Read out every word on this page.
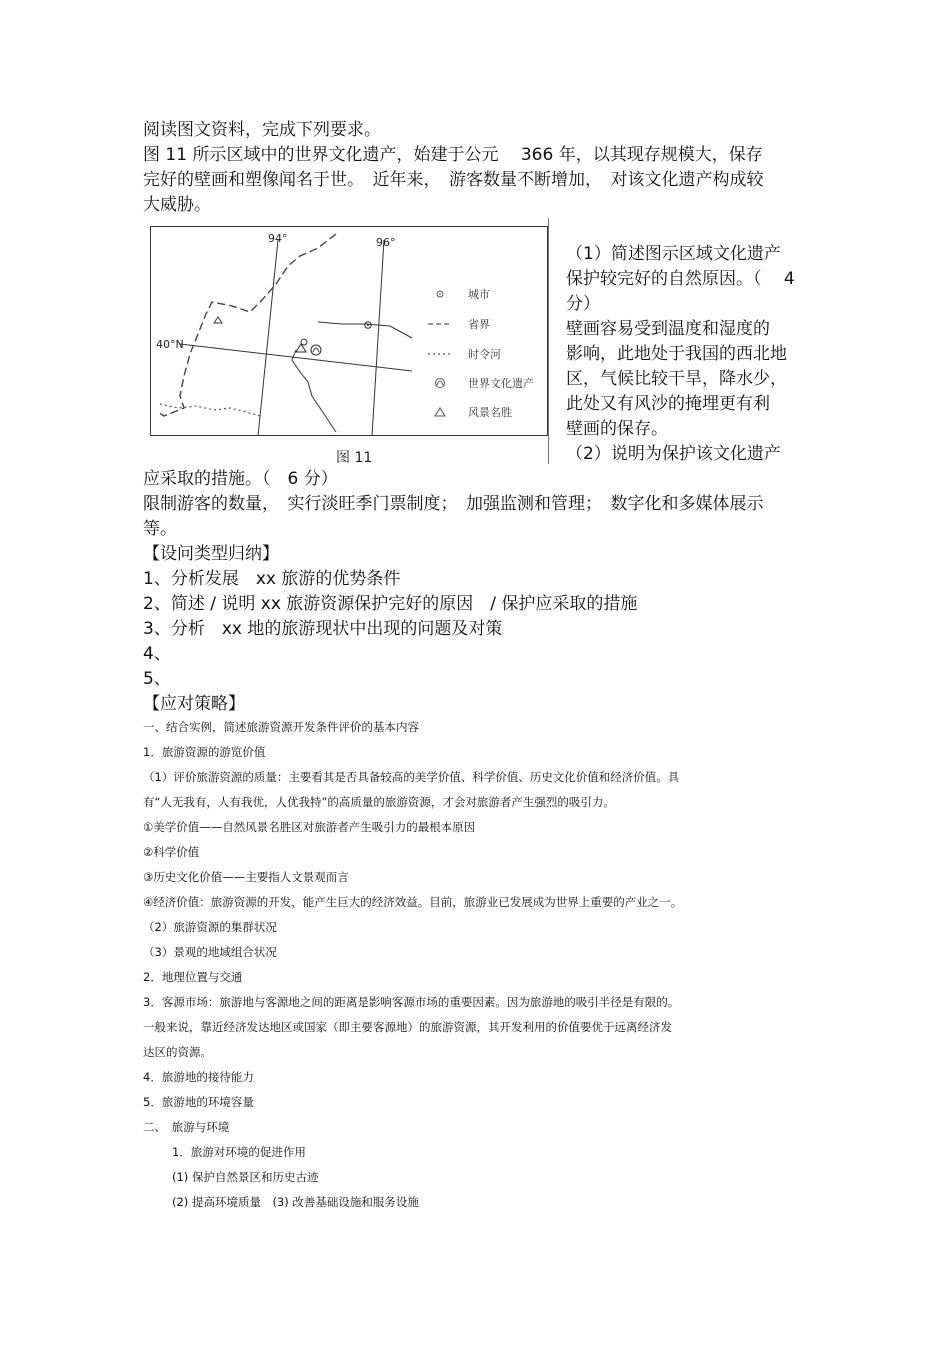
阅读图文资料，完成下列要求。
图 11 所示区域中的世界文化遗产，始建于公元　 366 年，以其现存规模大，保存
完好的壁画和塑像闻名于世。　近年来，　游客数量不断增加，　对该文化遗产构成较
大威胁。
94°	96°
40°N
城市
省界
时令河
世界文化遗产
风景名胜
图 11
（1）简述图示区域文化遗产
保护较完好的自然原因。（　 4
分）
壁画容易受到温度和湿度的
影响，此地处于我国的西北地
区，气候比较干旱，降水少，
此处又有风沙的掩埋更有利
壁画的保存。
（2）说明为保护该文化遗产
应采取的措施。（　6 分）
限制游客的数量，　实行淡旺季门票制度；　加强监测和管理；　数字化和多媒体展示
等。
【设问类型归纳】
1、分析发展　xx 旅游的优势条件
2、简述 / 说明 xx 旅游资源保护完好的原因　/ 保护应采取的措施
3、分析　xx 地的旅游现状中出现的问题及对策
4、
5、
【应对策略】
一、结合实例，简述旅游资源开发条件评价的基本内容
1．旅游资源的游览价值
（1）评价旅游资源的质量：主要看其是否具备较高的美学价值、科学价值、历史文化价值和经济价值。具
有“人无我有，人有我优，人优我特”的高质量的旅游资源，才会对旅游者产生强烈的吸引力。
①美学价值——自然风景名胜区对旅游者产生吸引力的最根本原因
②科学价值
③历史文化价值——主要指人文景观而言
④经济价值：旅游资源的开发，能产生巨大的经济效益。目前，旅游业已发展成为世界上重要的产业之一。
（2）旅游资源的集群状况
（3）景观的地域组合状况
2．地理位置与交通
3．客源市场：旅游地与客源地之间的距离是影响客源市场的重要因素。因为旅游地的吸引半径是有限的。
一般来说，靠近经济发达地区或国家（即主要客源地）的旅游资源，其开发利用的价值要优于远离经济发
达区的资源。
4．旅游地的接待能力
5．旅游地的环境容量
二、　旅游与环境
1．旅游对环境的促进作用
(1) 保护自然景区和历史古迹
(2) 提高环境质量　(3) 改善基础设施和服务设施
